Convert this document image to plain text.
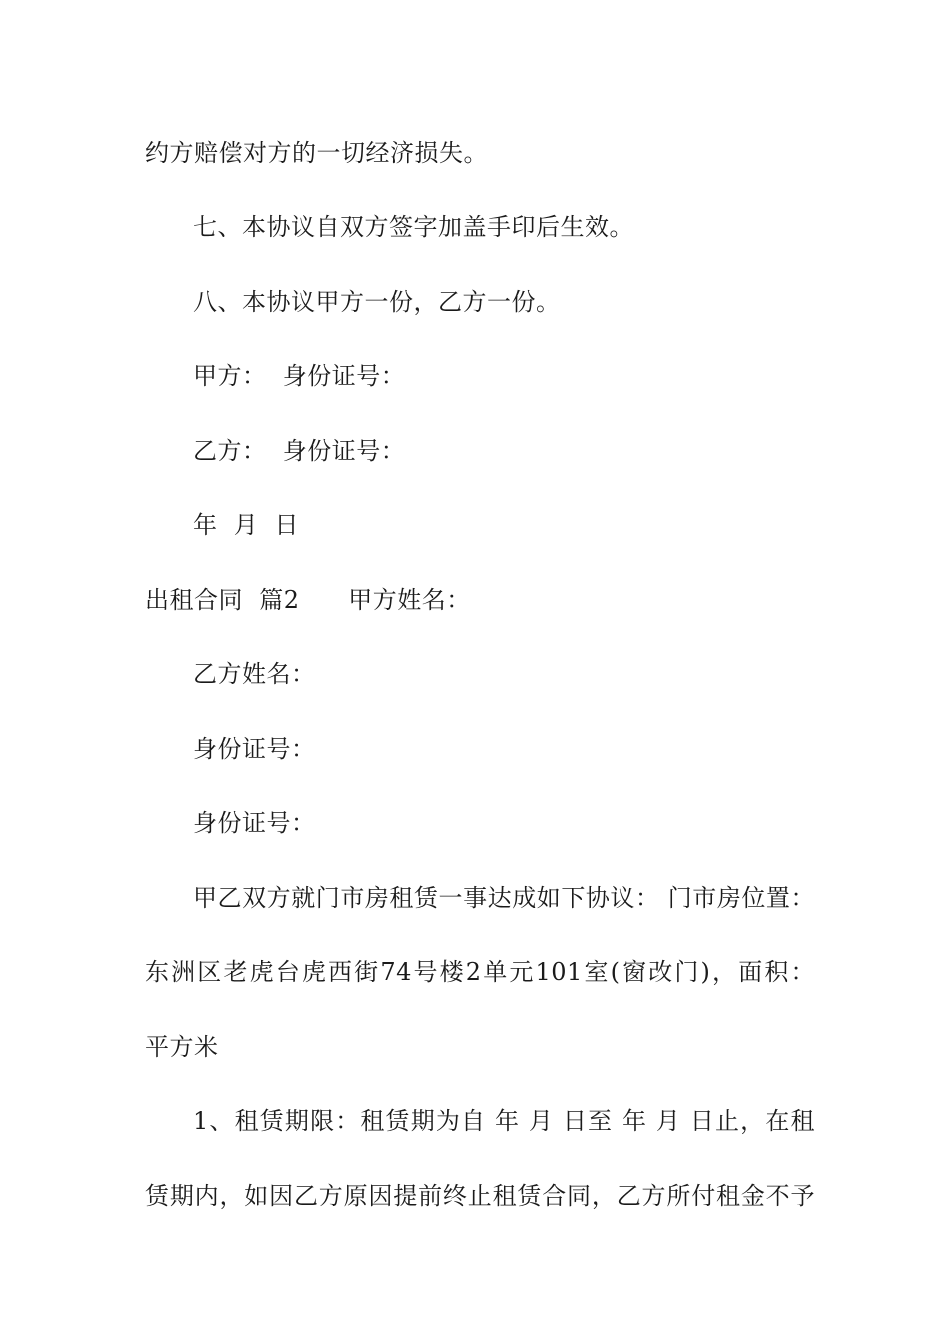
约方赔偿对方的一切经济损失。
七、本协议自双方签字加盖手印后生效。
八、本协议甲方一份，乙方一份。
甲方：  身份证号：
乙方：  身份证号：
年  月  日
出租合同  篇2      甲方姓名：
乙方姓名：
身份证号：
身份证号：
甲乙双方就门市房租赁一事达成如下协议： 门市房位置：
东洲区老虎台虎西街74号楼2单元101室(窗改门)，面积：
平方米
1、租赁期限：租赁期为自 年 月 日至 年 月 日止，在租
赁期内，如因乙方原因提前终止租赁合同，乙方所付租金不予
